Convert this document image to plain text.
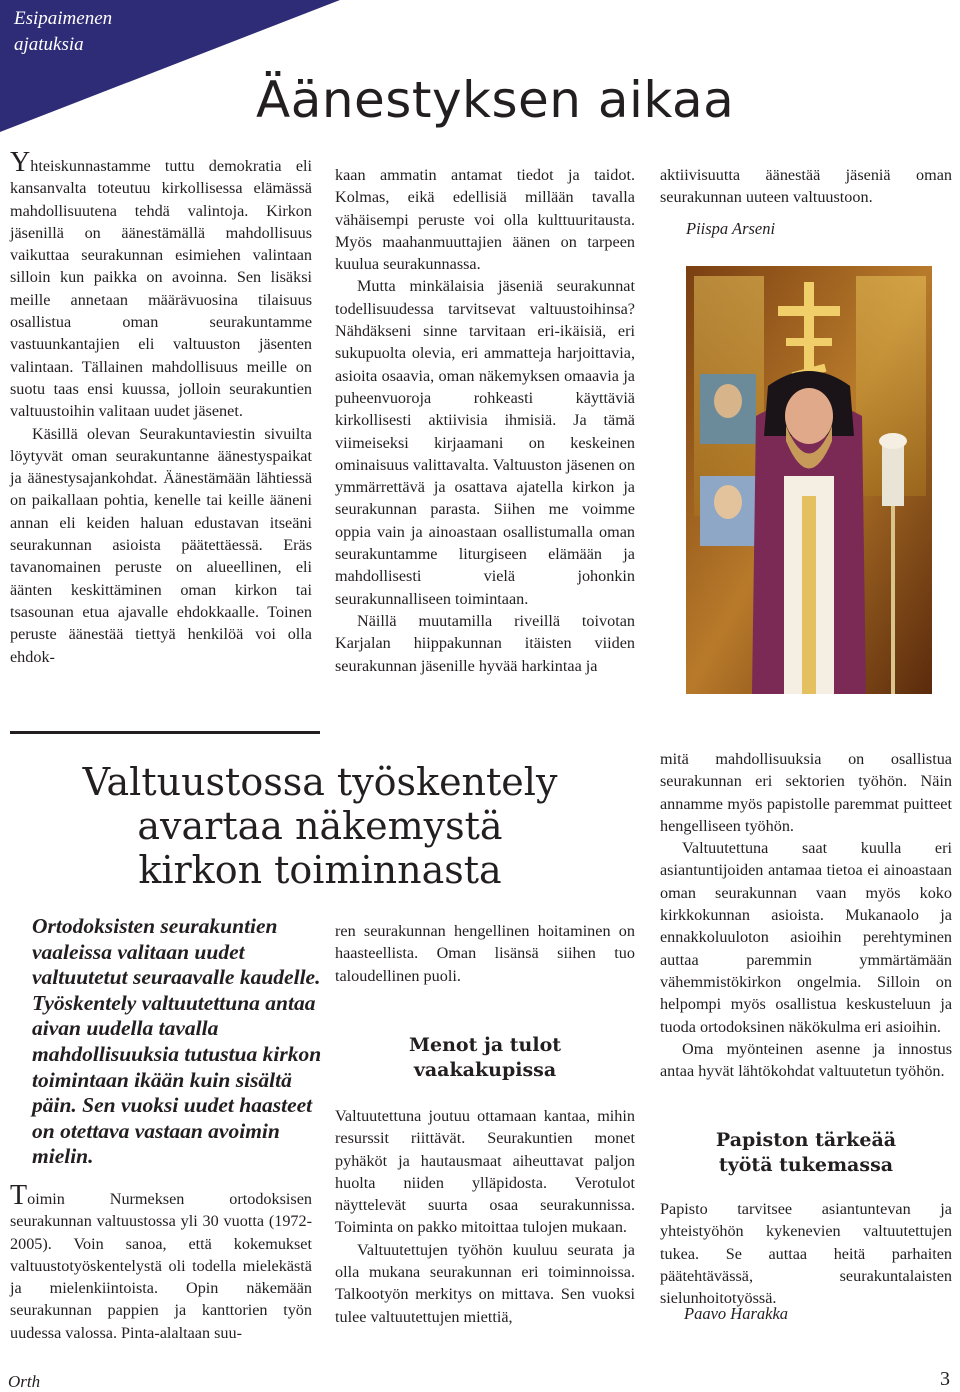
Esipaimenen
ajatuksia
Äänestyksen aikaa

Yhteiskunnastamme tuttu demokratia eli kansanvalta toteutuu kirkollisessa elämässä mahdollisuutena tehdä valintoja. Kirkon jäsenillä on äänestämällä mahdollisuus vaikuttaa seurakunnan esimiehen valintaan silloin kun paikka on avoinna. Sen lisäksi meille annetaan määrävuosina tilaisuus osallistua oman seurakuntamme vastuunkantajien eli valtuuston jäsenten valintaan. Tällainen mahdollisuus meille on suotu taas ensi kuussa, jolloin seurakuntien valtuustoihin valitaan uudet jäsenet.

Käsillä olevan Seurakuntaviestin sivuilta löytyvät oman seurakuntanne äänestyspaikat ja äänestysajankohdat. Äänestämään lähtiessä on paikallaan pohtia, kenelle tai keille ääneni annan eli keiden haluan edustavan itseäni seurakunnan asioista päätettäessä. Eräs tavanomainen peruste on alueellinen, eli äänten keskittäminen oman kirkon tai tsasounan etua ajavalle ehdokkaalle. Toinen peruste äänestää tiettyä henkilöä voi olla ehdok-

kaan ammatin antamat tiedot ja taidot. Kolmas, eikä edellisiä millään tavalla vähäisempi peruste voi olla kulttuuritausta. Myös maahanmuuttajien äänen on tarpeen kuulua seurakunnassa.

Mutta minkälaisia jäseniä seurakunnat todellisuudessa tarvitsevat valtuustoihinsa? Nähdäkseni sinne tarvitaan eri-ikäisiä, eri sukupuolta olevia, eri ammatteja harjoittavia, asioita osaavia, oman näkemyksen omaavia ja puheenvuoroja rohkeasti käyttäviä kirkollisesti aktiivisia ihmisiä. Ja tämä viimeiseksi kirjaamani on keskeinen ominaisuus valittavalta. Valtuuston jäsenen on ymmärrettävä ja osattava ajatella kirkon ja seurakunnan parasta. Siihen me voimme oppia vain ja ainoastaan osallistumalla oman seurakuntamme liturgiseen elämään ja mahdollisesti vielä johonkin seurakunnalliseen toimintaan.

Näillä muutamilla riveillä toivotan Karjalan hiippakunnan itäisten viiden seurakunnan jäsenille hyvää harkintaa ja

aktiivisuutta äänestää jäseniä oman seurakunnan uuteen valtuustoon.

Piispa Arseni
Valtuustossa työskentely
avartaa näkemystä
kirkon toiminnasta
Ortodoksisten seurakuntien vaaleissa valitaan uudet valtuutetut seuraavalle kaudelle. Työskentely valtuutettuna antaa aivan uudella tavalla mahdollisuuksia tutustua kirkon toimintaan ikään kuin sisältä päin. Sen vuoksi uudet haasteet on otettava vastaan avoimin mielin.

Toimin Nurmeksen ortodoksisen seurakunnan valtuustossa yli 30 vuotta (1972-2005). Voin sanoa, että kokemukset valtuustotyöskentelystä oli todella mielekästä ja mielenkiintoista. Opin näkemään seurakunnan pappien ja kanttorien työn uudessa valossa. Pinta-alaltaan suu-

ren seurakunnan hengellinen hoitaminen on haasteellista. Oman lisänsä siihen tuo taloudellinen puoli.

Menot ja tulot

vaakakupissa

Valtuutettuna joutuu ottamaan kantaa, mihin resurssit riittävät. Seurakuntien monet pyhäköt ja hautausmaat aiheuttavat paljon huolta niiden ylläpidosta. Verotulot näyttelevät suurta osaa seurakunnissa. Toiminta on pakko mitoittaa tulojen mukaan.

Valtuutettujen työhön kuuluu seurata ja olla mukana seurakunnan eri toiminnoissa. Talkootyön merkitys on mittava. Sen vuoksi tulee valtuutettujen miettiä,

mitä mahdollisuuksia on osallistua seurakunnan eri sektorien työhön. Näin annamme myös papistolle paremmat puitteet hengelliseen työhön.

Valtuutettuna saat kuulla eri asiantuntijoiden antamaa tietoa ei ainoastaan oman seurakunnan vaan myös koko kirkkokunnan asioista. Mukanaolo ja ennakkoluuloton asioihin perehtyminen auttaa paremmin ymmärtämään vähemmistökirkon ongelmia. Silloin on helpompi myös osallistua keskusteluun ja tuoda ortodoksinen näkökulma eri asioihin.

Oma myönteinen asenne ja innostus antaa hyvät lähtökohdat valtuutetun työhön.

Papiston tärkeää

työtä tukemassa

Papisto tarvitsee asiantuntevan ja yhteistyöhön kykenevien valtuutettujen tukea. Se auttaa heitä parhaiten päätehtävässä, seurakuntalaisten sielunhoitotyössä.

Paavo Harakka
Orth	3
